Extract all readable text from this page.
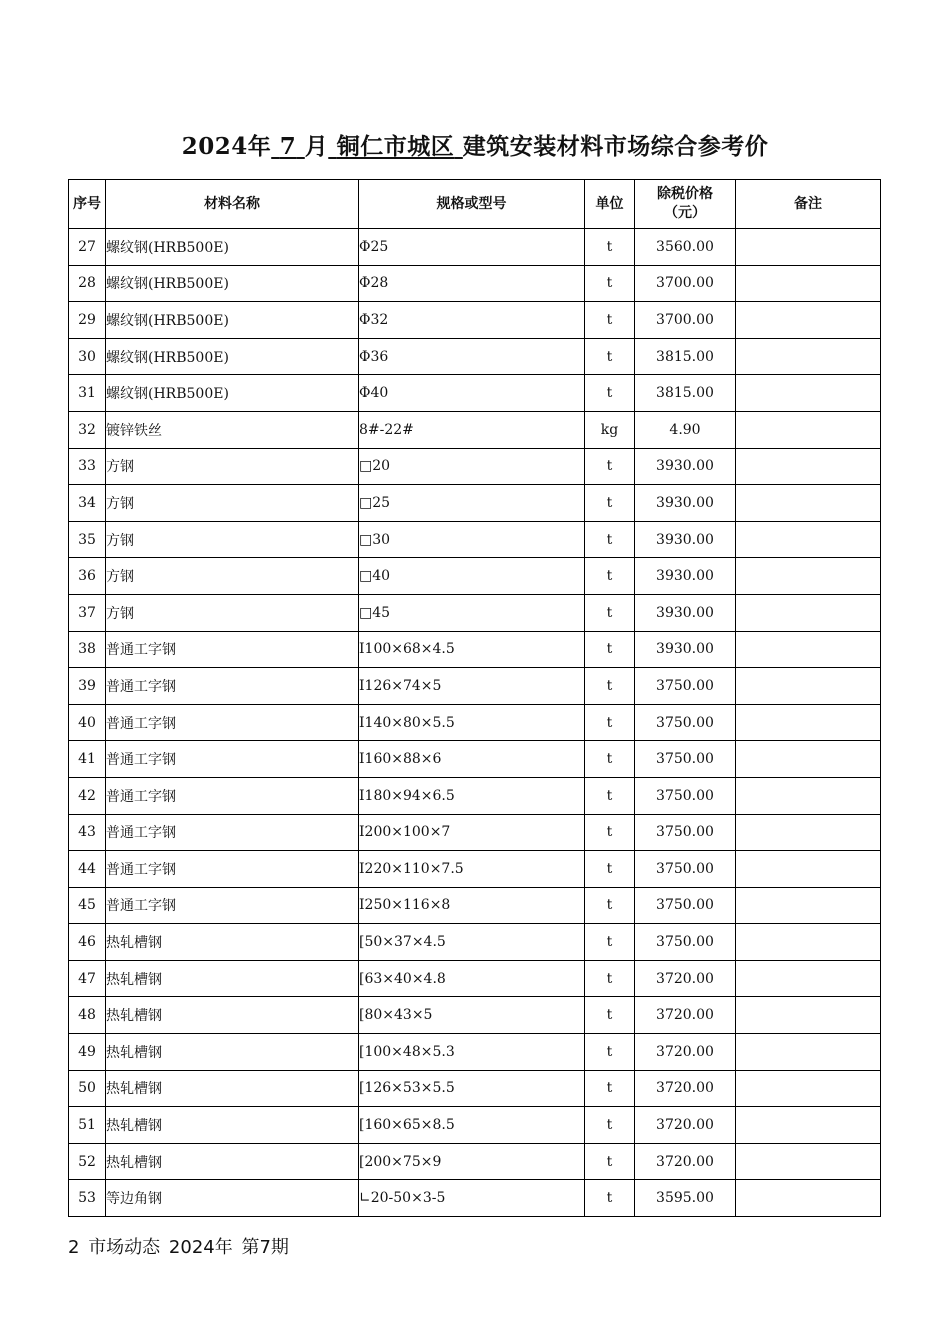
2024年 7 月 铜仁市城区 建筑安装材料市场综合参考价
序号	材料名称	规格或型号	单位	除税价格
（元）	备注
27	螺纹钢(HRB500E)	Φ25	t	3560.00	
28	螺纹钢(HRB500E)	Φ28	t	3700.00	
29	螺纹钢(HRB500E)	Φ32	t	3700.00	
30	螺纹钢(HRB500E)	Φ36	t	3815.00	
31	螺纹钢(HRB500E)	Φ40	t	3815.00	
32	镀锌铁丝	8#-22#	kg	4.90	
33	方钢	□20	t	3930.00	
34	方钢	□25	t	3930.00	
35	方钢	□30	t	3930.00	
36	方钢	□40	t	3930.00	
37	方钢	□45	t	3930.00	
38	普通工字钢	I100×68×4.5	t	3930.00	
39	普通工字钢	I126×74×5	t	3750.00	
40	普通工字钢	I140×80×5.5	t	3750.00	
41	普通工字钢	I160×88×6	t	3750.00	
42	普通工字钢	I180×94×6.5	t	3750.00	
43	普通工字钢	I200×100×7	t	3750.00	
44	普通工字钢	I220×110×7.5	t	3750.00	
45	普通工字钢	I250×116×8	t	3750.00	
46	热轧槽钢	[50×37×4.5	t	3750.00	
47	热轧槽钢	[63×40×4.8	t	3720.00	
48	热轧槽钢	[80×43×5	t	3720.00	
49	热轧槽钢	[100×48×5.3	t	3720.00	
50	热轧槽钢	[126×53×5.5	t	3720.00	
51	热轧槽钢	[160×65×8.5	t	3720.00	
52	热轧槽钢	[200×75×9	t	3720.00	
53	等边角钢	∟20-50×3-5	t	3595.00	
2 市场动态 2024年 第7期
